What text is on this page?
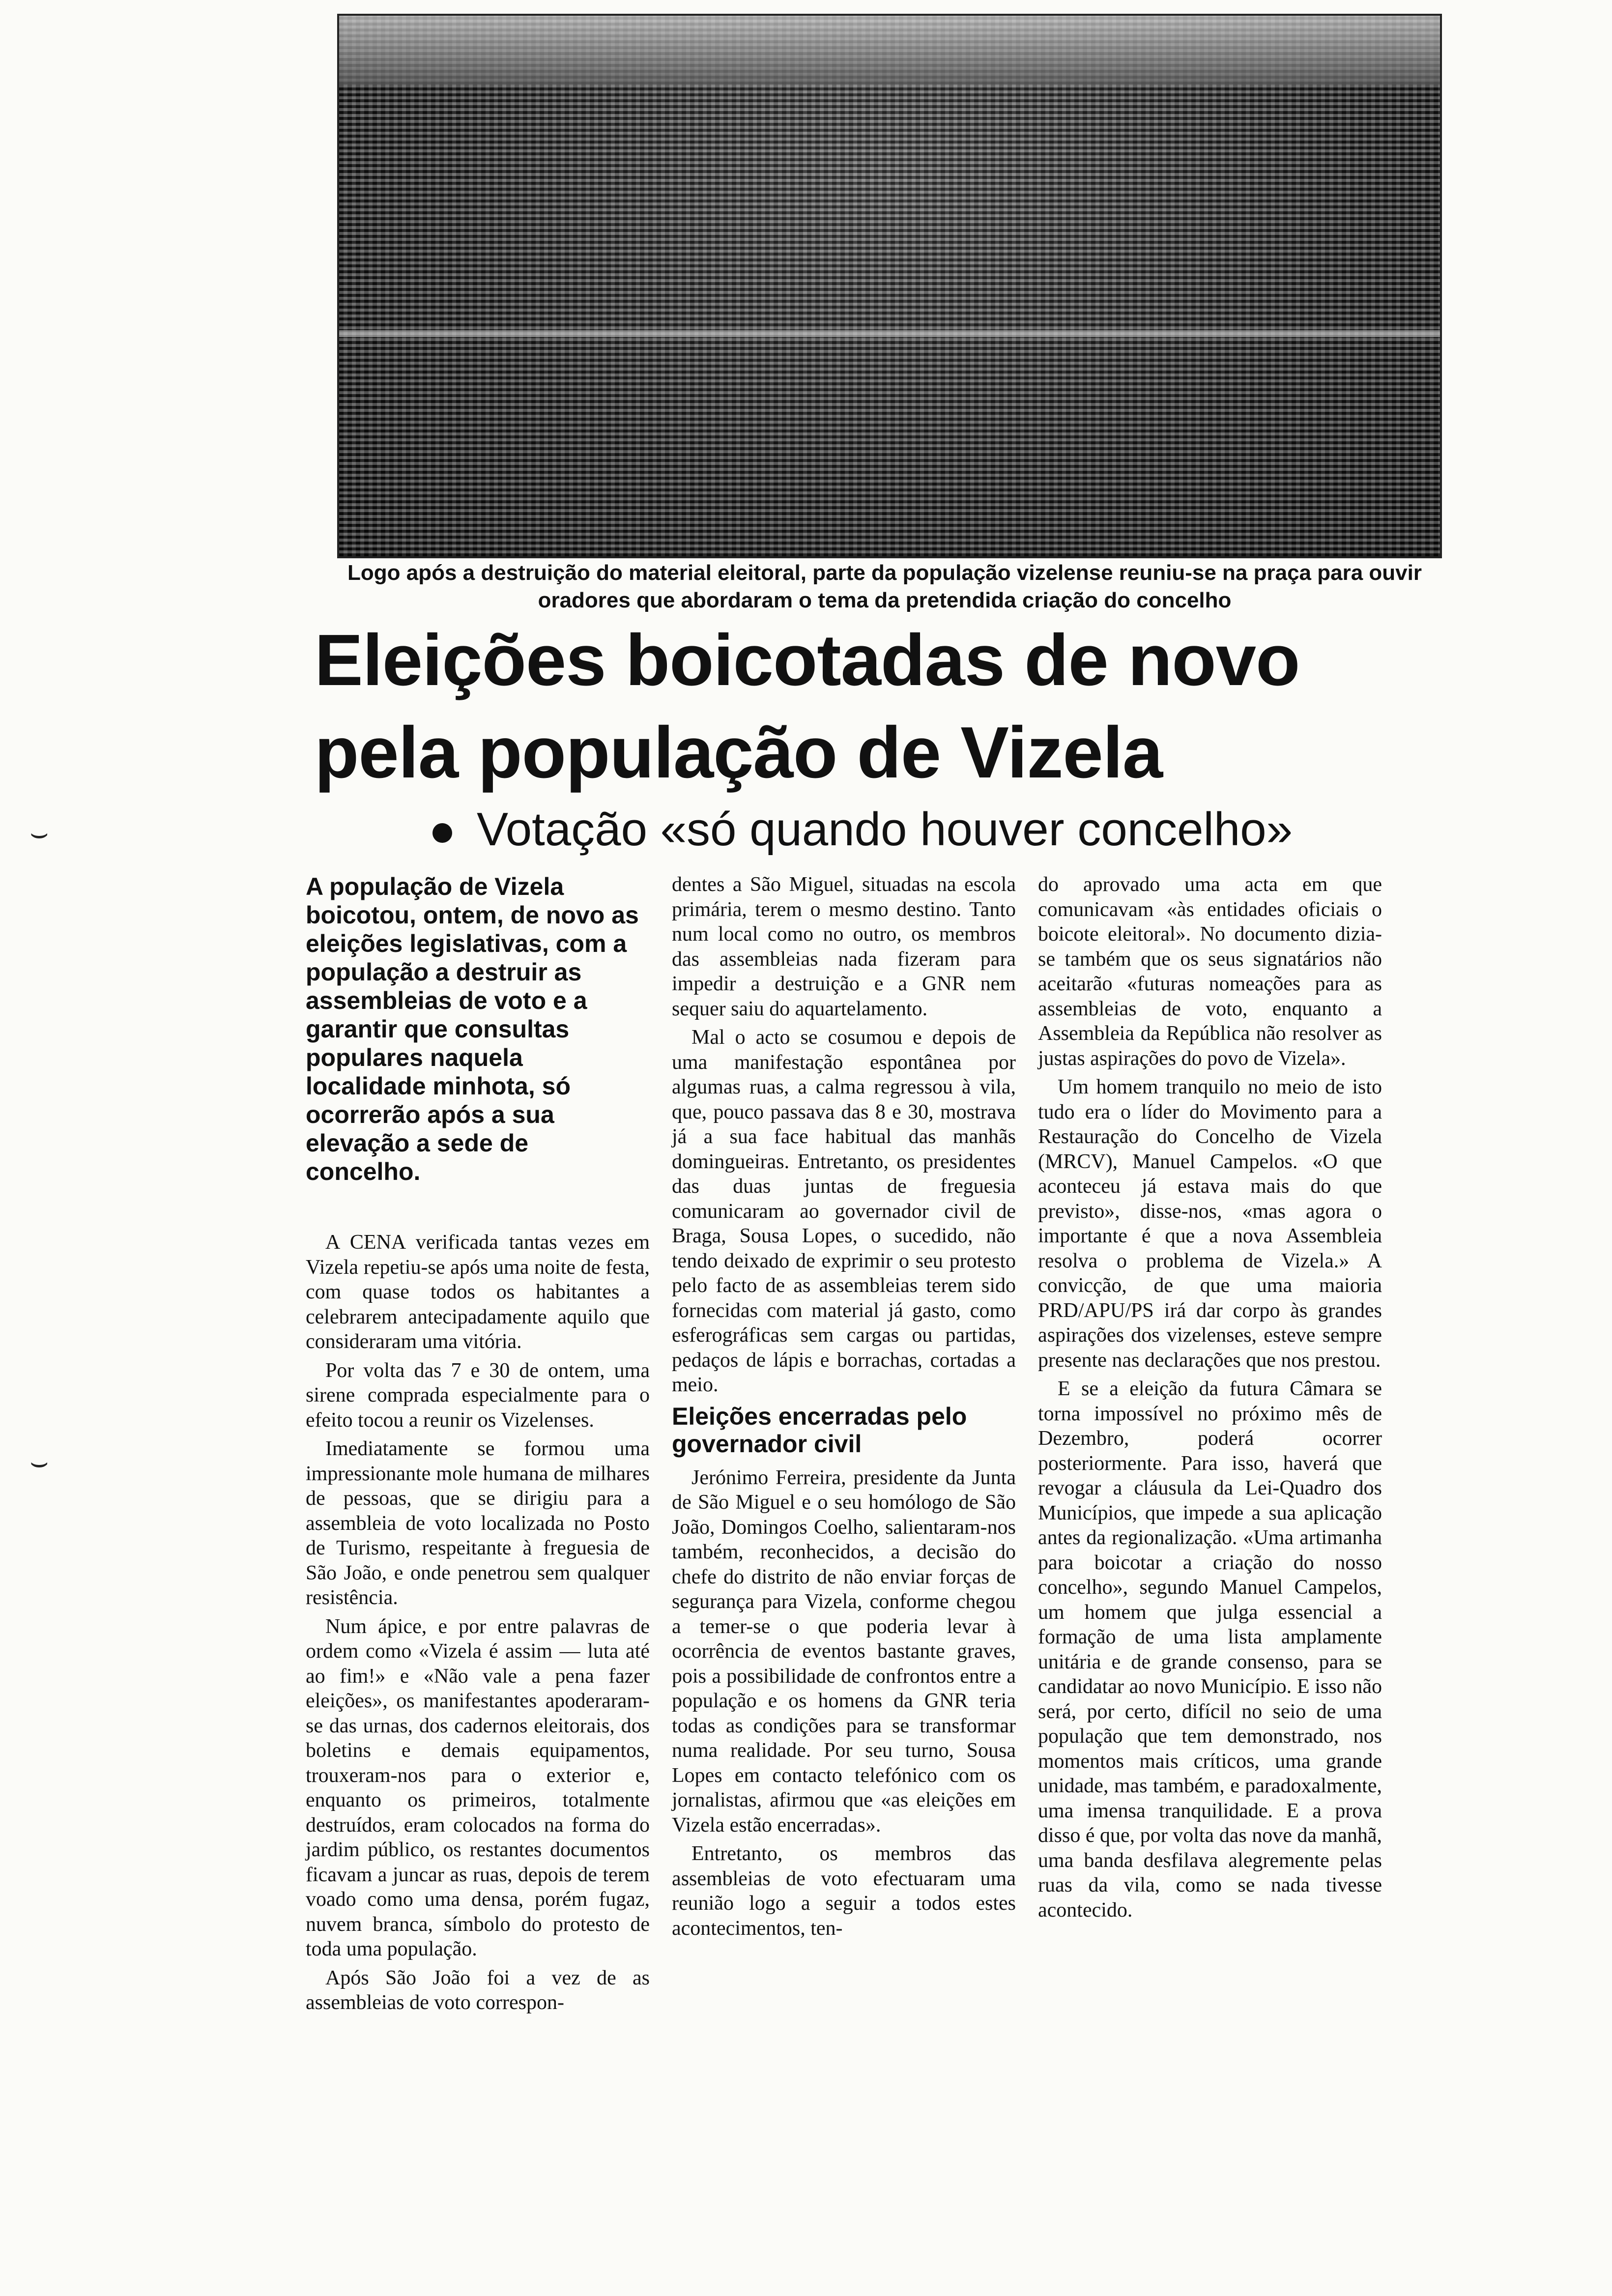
Logo após a destruição do material eleitoral, parte da população vizelense reuniu-se na praça para ouvir oradores que abordaram o tema da pretendida criação do concelho
Eleições boicotadas de novo
pela população de Vizela
Votação «só quando houver concelho»
A população de Vizela boicotou, ontem, de novo as eleições legislativas, com a população a destruir as assembleias de voto e a garantir que consultas populares naquela localidade minhota, só ocorrerão após a sua elevação a sede de concelho.

A CENA verificada tantas vezes em Vizela repetiu-se após uma noite de festa, com quase todos os habitantes a celebrarem antecipadamente aquilo que consideraram uma vitória.

Por volta das 7 e 30 de ontem, uma sirene comprada especialmente para o efeito tocou a reunir os Vizelenses.

Imediatamente se formou uma impressionante mole humana de milhares de pessoas, que se dirigiu para a assembleia de voto localizada no Posto de Turismo, respeitante à freguesia de São João, e onde penetrou sem qualquer resistência.

Num ápice, e por entre palavras de ordem como «Vizela é assim — luta até ao fim!» e «Não vale a pena fazer eleições», os manifestantes apoderaram-se das urnas, dos cadernos eleitorais, dos boletins e demais equipamentos, trouxeram-nos para o exterior e, enquanto os primeiros, totalmente destruídos, eram colocados na forma do jardim público, os restantes documentos ficavam a juncar as ruas, depois de terem voado como uma densa, porém fugaz, nuvem branca, símbolo do protesto de toda uma população.

Após São João foi a vez de as assembleias de voto correspon-

dentes a São Miguel, situadas na escola primária, terem o mesmo destino. Tanto num local como no outro, os membros das assembleias nada fizeram para impedir a destruição e a GNR nem sequer saiu do aquartelamento.

Mal o acto se cosumou e depois de uma manifestação espontânea por algumas ruas, a calma regressou à vila, que, pouco passava das 8 e 30, mostrava já a sua face habitual das manhãs domingueiras. Entretanto, os presidentes das duas juntas de freguesia comunicaram ao governador civil de Braga, Sousa Lopes, o sucedido, não tendo deixado de exprimir o seu protesto pelo facto de as assembleias terem sido fornecidas com material já gasto, como esferográficas sem cargas ou partidas, pedaços de lápis e borrachas, cortadas a meio.

Eleições encerradas pelo governador civil

Jerónimo Ferreira, presidente da Junta de São Miguel e o seu homólogo de São João, Domingos Coelho, salientaram-nos também, reconhecidos, a decisão do chefe do distrito de não enviar forças de segurança para Vizela, conforme chegou a temer-se o que poderia levar à ocorrência de eventos bastante graves, pois a possibilidade de confrontos entre a população e os homens da GNR teria todas as condições para se transformar numa realidade. Por seu turno, Sousa Lopes em contacto telefónico com os jornalistas, afirmou que «as eleições em Vizela estão encerradas».

Entretanto, os membros das assembleias de voto efectuaram uma reunião logo a seguir a todos estes acontecimentos, ten-

do aprovado uma acta em que comunicavam «às entidades oficiais o boicote eleitoral». No documento dizia-se também que os seus signatários não aceitarão «futuras nomeações para as assembleias de voto, enquanto a Assembleia da República não resolver as justas aspirações do povo de Vizela».

Um homem tranquilo no meio de isto tudo era o líder do Movimento para a Restauração do Concelho de Vizela (MRCV), Manuel Campelos. «O que aconteceu já estava mais do que previsto», disse-nos, «mas agora o importante é que a nova Assembleia resolva o problema de Vizela.» A convicção, de que uma maioria PRD/APU/PS irá dar corpo às grandes aspirações dos vizelenses, esteve sempre presente nas declarações que nos prestou.

E se a eleição da futura Câmara se torna impossível no próximo mês de Dezembro, poderá ocorrer posteriormente. Para isso, haverá que revogar a cláusula da Lei-Quadro dos Municípios, que impede a sua aplicação antes da regionalização. «Uma artimanha para boicotar a criação do nosso concelho», segundo Manuel Campelos, um homem que julga essencial a formação de uma lista amplamente unitária e de grande consenso, para se candidatar ao novo Município. E isso não será, por certo, difícil no seio de uma população que tem demonstrado, nos momentos mais críticos, uma grande unidade, mas também, e paradoxalmente, uma imensa tranquilidade. E a prova disso é que, por volta das nove da manhã, uma banda desfilava alegremente pelas ruas da vila, como se nada tivesse acontecido.

⌣
⌣
